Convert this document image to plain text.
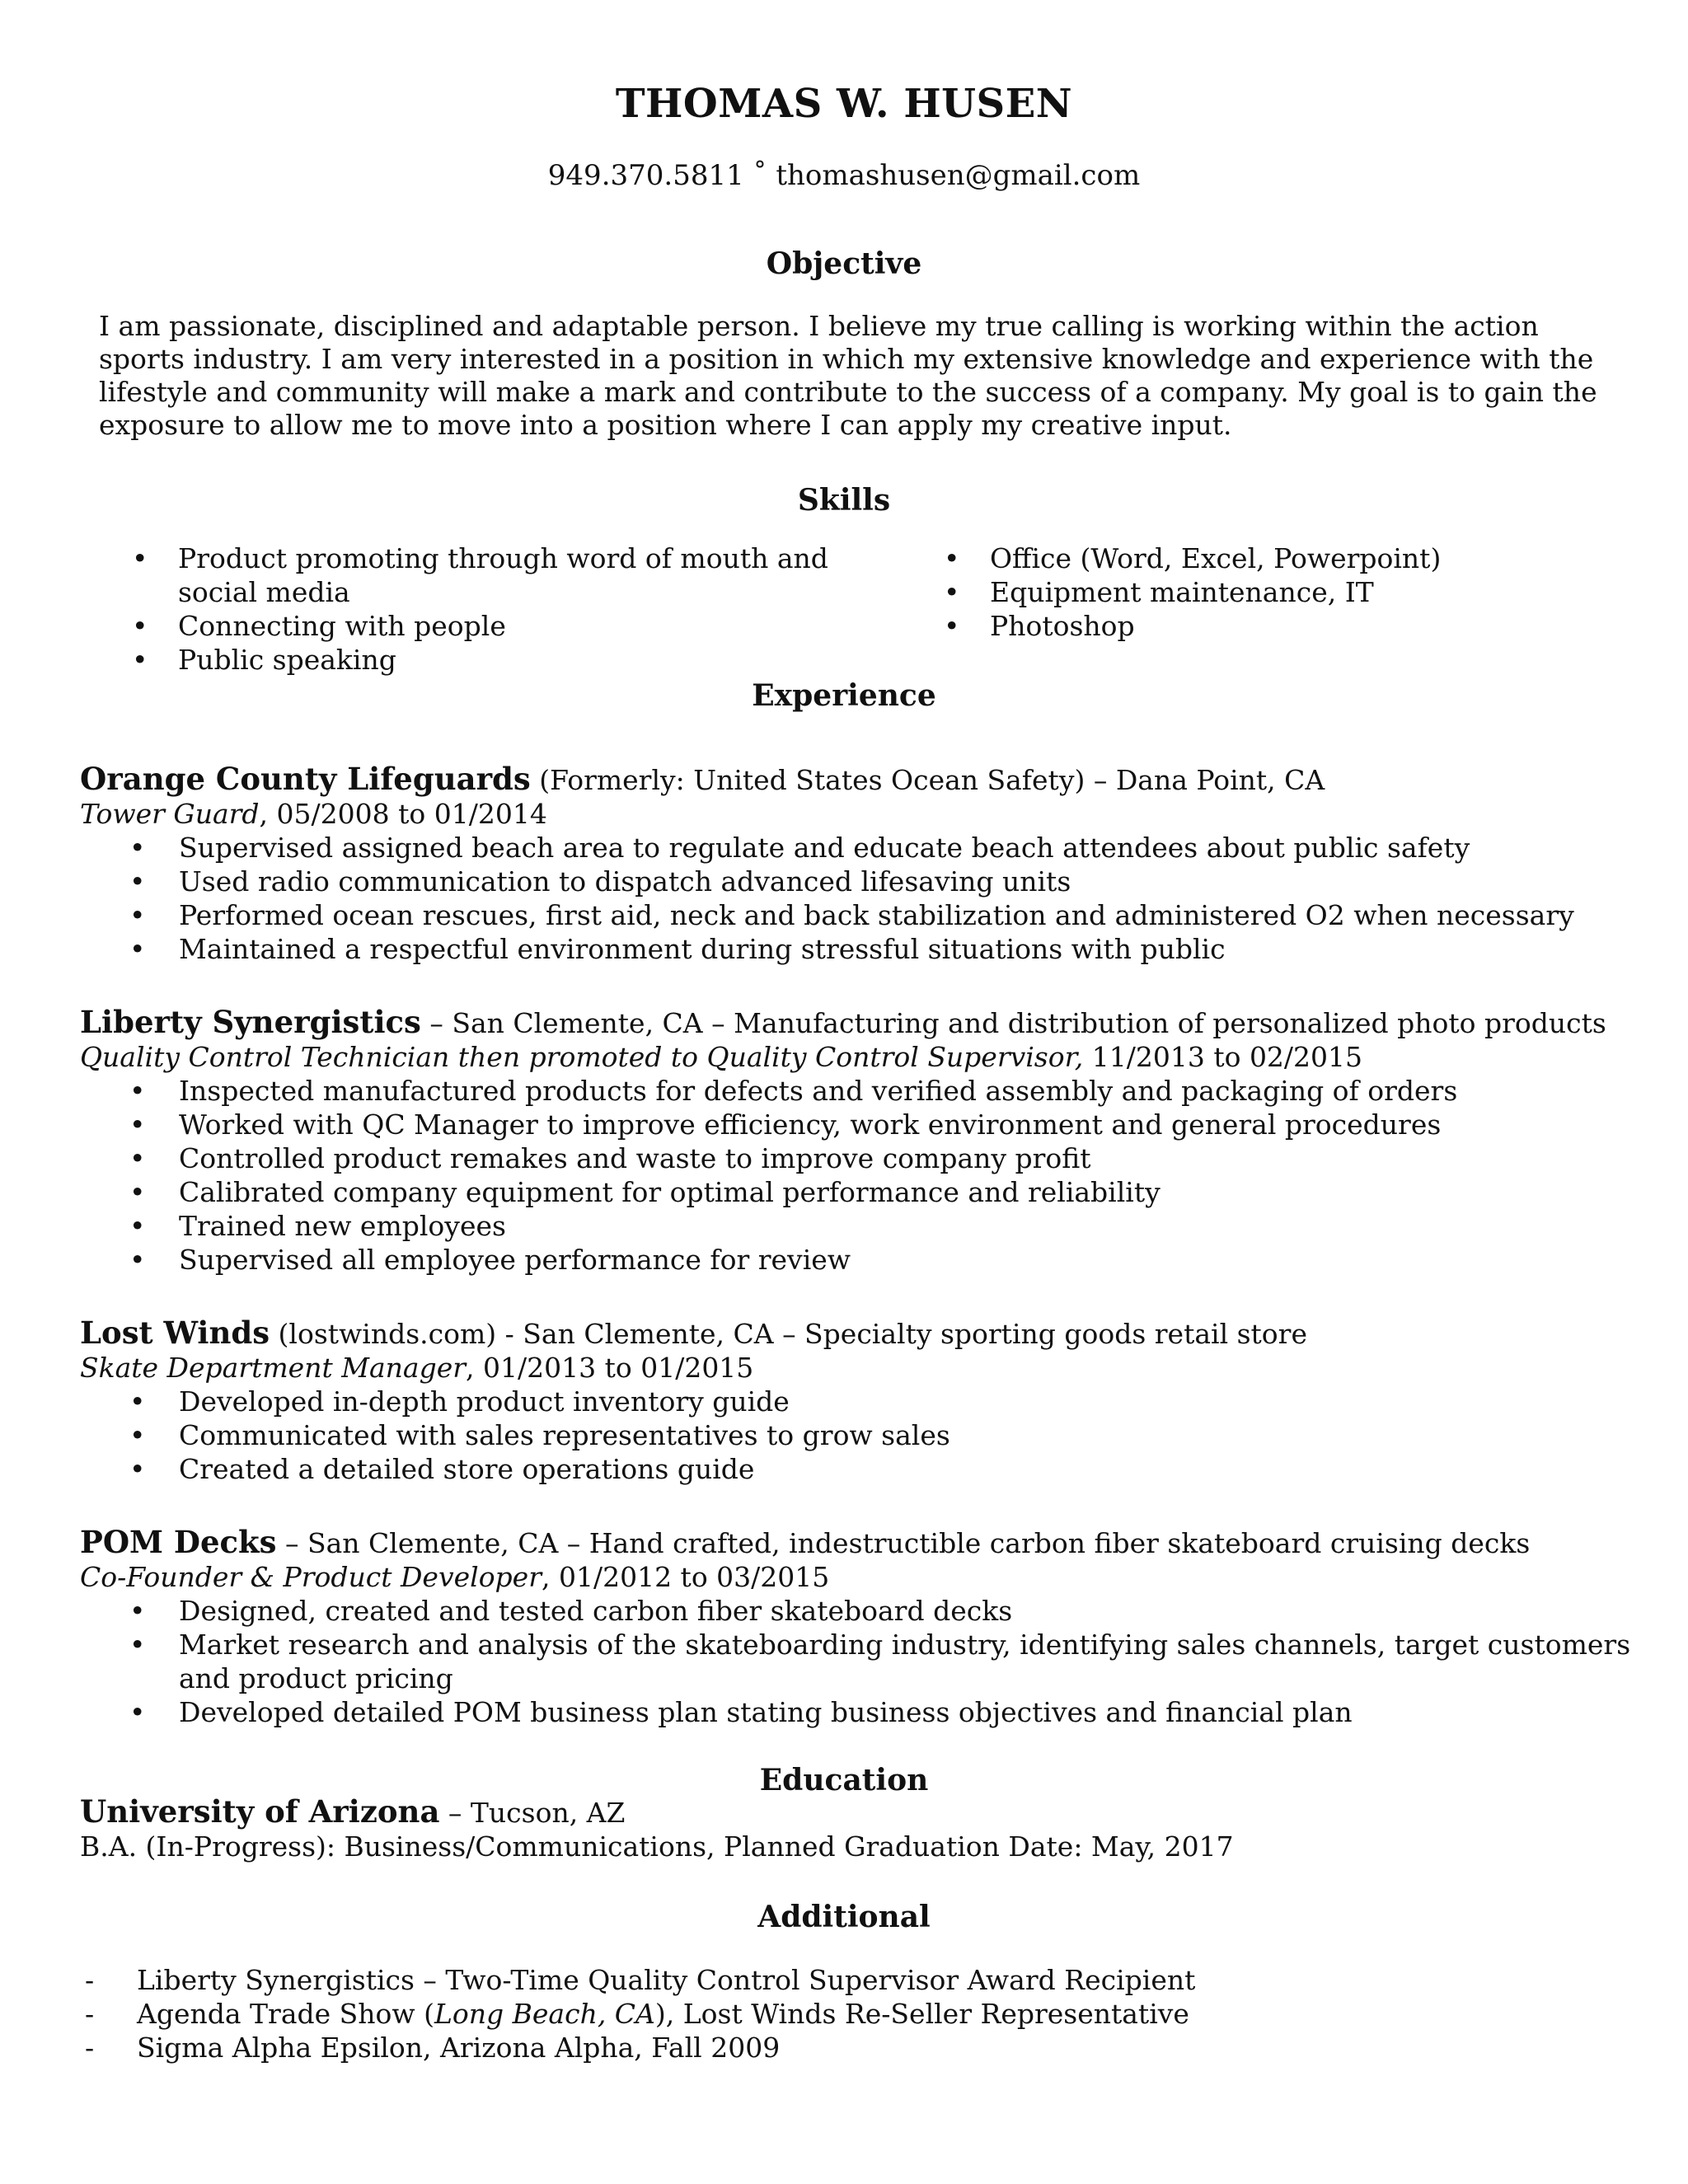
THOMAS W. HUSEN
949.370.5811 ˚ thomashusen@gmail.com
Objective
I am passionate, disciplined and adaptable person. I believe my true calling is working within the action sports industry. I am very interested in a position in which my extensive knowledge and experience with the lifestyle and community will make a mark and contribute to the success of a company. My goal is to gain the exposure to allow me to move into a position where I can apply my creative input.
Skills
• Product promoting through word of mouth and social media
• Connecting with people
• Public speaking
• Office (Word, Excel, Powerpoint)
• Equipment maintenance, IT
• Photoshop
Experience
Orange County Lifeguards (Formerly: United States Ocean Safety) – Dana Point, CA
Tower Guard, 05/2008 to 01/2014
• Supervised assigned beach area to regulate and educate beach attendees about public safety
• Used radio communication to dispatch advanced lifesaving units
• Performed ocean rescues, first aid, neck and back stabilization and administered O2 when necessary
• Maintained a respectful environment during stressful situations with public
Liberty Synergistics – San Clemente, CA – Manufacturing and distribution of personalized photo products
Quality Control Technician then promoted to Quality Control Supervisor, 11/2013 to 02/2015
• Inspected manufactured products for defects and verified assembly and packaging of orders
• Worked with QC Manager to improve efficiency, work environment and general procedures
• Controlled product remakes and waste to improve company profit
• Calibrated company equipment for optimal performance and reliability
• Trained new employees
• Supervised all employee performance for review
Lost Winds (lostwinds.com) - San Clemente, CA – Specialty sporting goods retail store
Skate Department Manager, 01/2013 to 01/2015
• Developed in-depth product inventory guide
• Communicated with sales representatives to grow sales
• Created a detailed store operations guide
POM Decks – San Clemente, CA – Hand crafted, indestructible carbon fiber skateboard cruising decks
Co-Founder & Product Developer, 01/2012 to 03/2015
• Designed, created and tested carbon fiber skateboard decks
• Market research and analysis of the skateboarding industry, identifying sales channels, target customers and product pricing
• Developed detailed POM business plan stating business objectives and financial plan
Education
University of Arizona – Tucson, AZ
B.A. (In-Progress): Business/Communications, Planned Graduation Date: May, 2017
Additional
- Liberty Synergistics – Two-Time Quality Control Supervisor Award Recipient
- Agenda Trade Show (Long Beach, CA), Lost Winds Re-Seller Representative
- Sigma Alpha Epsilon, Arizona Alpha, Fall 2009
